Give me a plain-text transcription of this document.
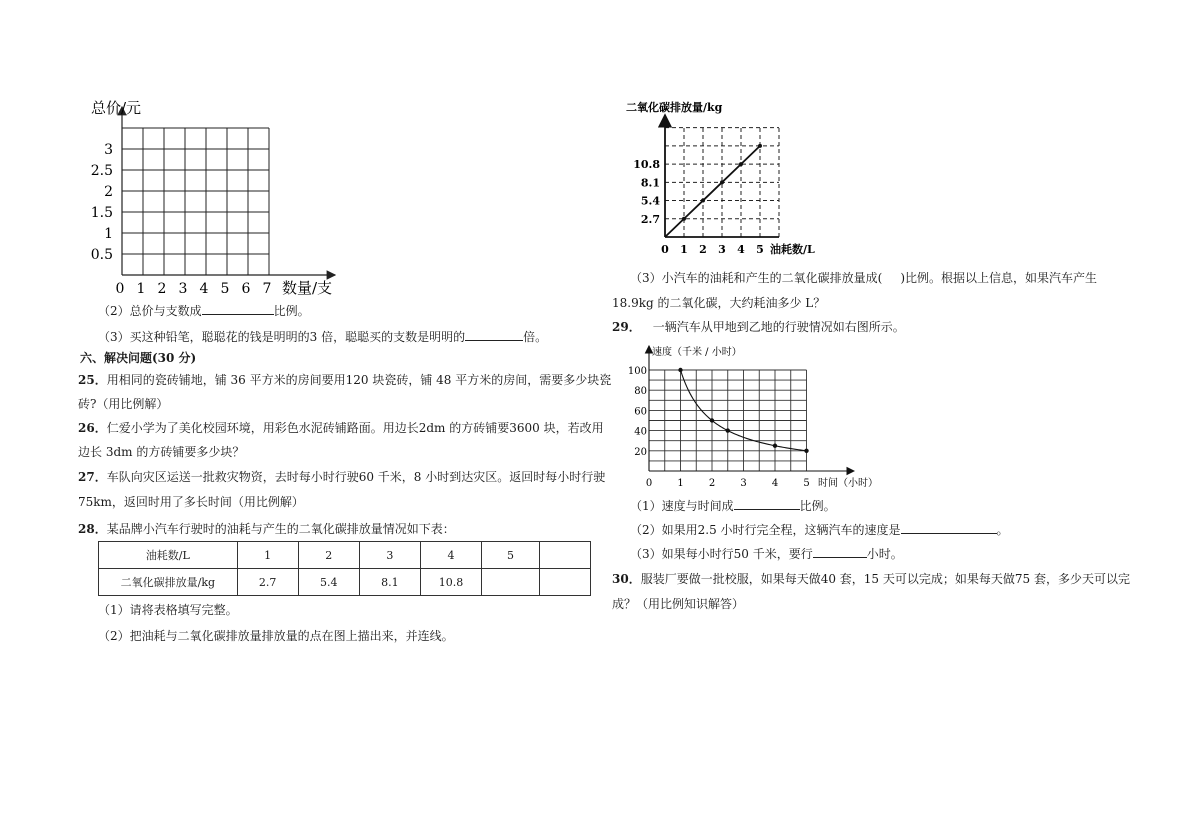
3
2.5
2
1.5
1
0.5
0 1 2 3 4 5 6 7
总价/元
数量/支
（2）总价与支数成	比例。
（3）买这种铅笔，聪聪花的钱是明明的3 倍，聪聪买的支数是明明的	倍。
六、解决问题(30 分)
25．用相同的瓷砖铺地，铺 36 平方米的房间要用120 块瓷砖，铺 48 平方米的房间，需要多少块瓷
砖?（用比例解）
26．仁爱小学为了美化校园环境，用彩色水泥砖铺路面。用边长2dm 的方砖铺要3600 块，若改用
边长 3dm 的方砖铺要多少块？
27．车队向灾区运送一批救灾物资，去时每小时行驶60 千米，8 小时到达灾区。返回时每小时行驶
75km，返回时用了多长时间（用比例解）
28．某品牌小汽车行驶时的油耗与产生的二氧化碳排放量情况如下表：
油耗数/L	1	2	3	4	5	
二氧化碳排放量/kg	2.7	5.4	8.1	10.8		
（1）请将表格填写完整。
（2）把油耗与二氧化碳排放量排放量的点在图上描出来，并连线。
10.8
8.1
5.4
2.7
0 1 2 3 4 5
二氧化碳排放量/kg
油耗数/L
（3）小汽车的油耗和产生的二氧化碳排放量成( )比例。根据以上信息，如果汽车产生
18.9kg 的二氧化碳，大约耗油多少 L？
29． 一辆汽车从甲地到乙地的行驶情况如右图所示。
100
80
60
40
20
0	1	2	3	4	5
速度（千米 / 小时）
时间（小时）
（1）速度与时间成	比例。
（2）如果用2.5 小时行完全程，这辆汽车的速度是	。
（3）如果每小时行50 千米，要行	小时。
30．服装厂要做一批校服，如果每天做40 套，15 天可以完成；如果每天做75 套，多少天可以完
成？（用比例知识解答）
